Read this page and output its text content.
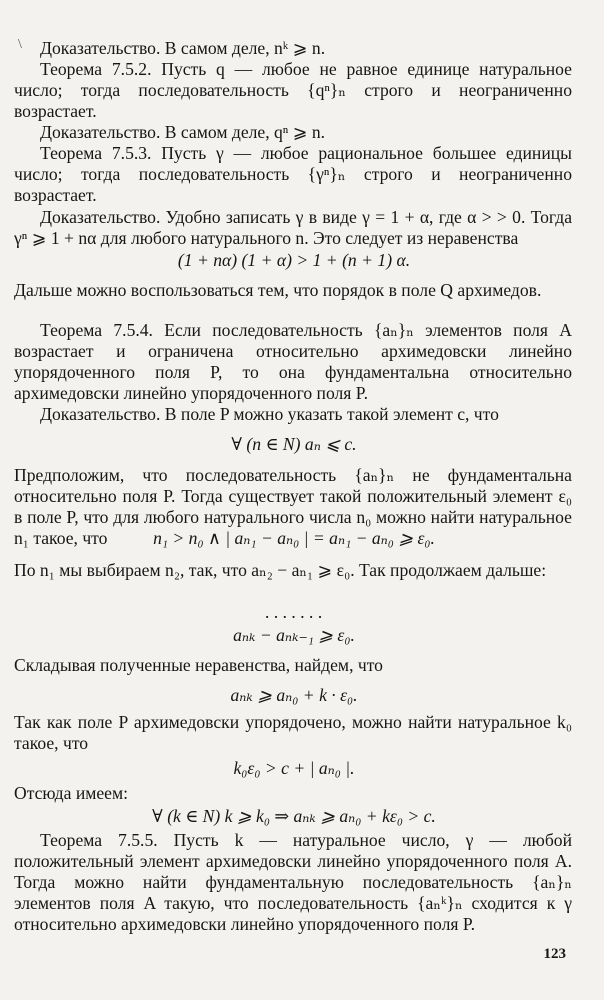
\	Доказательство. В самом деле, nᵏ ⩾ n.

Теорема 7.5.2. Пусть q — любое не равное единице натуральное число; тогда последовательность {qⁿ}ₙ строго и неограниченно возрастает.

Доказательство. В самом деле, qⁿ ⩾ n.

Теорема 7.5.3. Пусть γ — любое рациональное большее единицы число; тогда последовательность {γⁿ}ₙ строго и неограниченно возрастает.

Доказательство. Удобно записать γ в виде γ = 1 + α, где α > > 0. Тогда γⁿ ⩾ 1 + nα для любого натурального n. Это следует из неравенства

(1 + nα) (1 + α) > 1 + (n + 1) α.

Дальше можно воспользоваться тем, что порядок в поле Q архимедов.

Теорема 7.5.4. Если последовательность {aₙ}ₙ элементов поля A возрастает и ограничена относительно архимедовски линейно упорядоченного поля P, то она фундаментальна относительно архимедовски линейно упорядоченного поля P.

Доказательство. В поле P можно указать такой элемент c, что

∀ (n ∈ N) aₙ ⩽ c.

Предположим, что последовательность {aₙ}ₙ не фундаментальна относительно поля P. Тогда существует такой положительный элемент ε₀ в поле P, что для любого натурального числа n₀ можно найти натуральное n₁ такое, что	n₁ > n₀ ∧ | aₙ₁ − aₙ₀ | = aₙ₁ − aₙ₀ ⩾ ε₀.

По n₁ мы выбираем n₂, так, что aₙ₂ − aₙ₁ ⩾ ε₀. Так продолжаем дальше:

. . . . . . .

aₙₖ − aₙₖ₋₁ ⩾ ε₀.

Складывая полученные неравенства, найдем, что

aₙₖ ⩾ aₙ₀ + k · ε₀.

Так как поле P архимедовски упорядочено, можно найти натуральное k₀ такое, что

k₀ε₀ > c + | aₙ₀ |.

Отсюда имеем:

∀ (k ∈ N) k ⩾ k₀ ⇒ aₙₖ ⩾ aₙ₀ + kε₀ > c.

Теорема 7.5.5. Пусть k — натуральное число, γ — любой положительный элемент архимедовски линейно упорядоченного поля A. Тогда можно найти фундаментальную последовательность {aₙ}ₙ элементов поля A такую, что последовательность {aₙᵏ}ₙ сходится к γ относительно архимедовски линейно упорядоченного поля P.

123
